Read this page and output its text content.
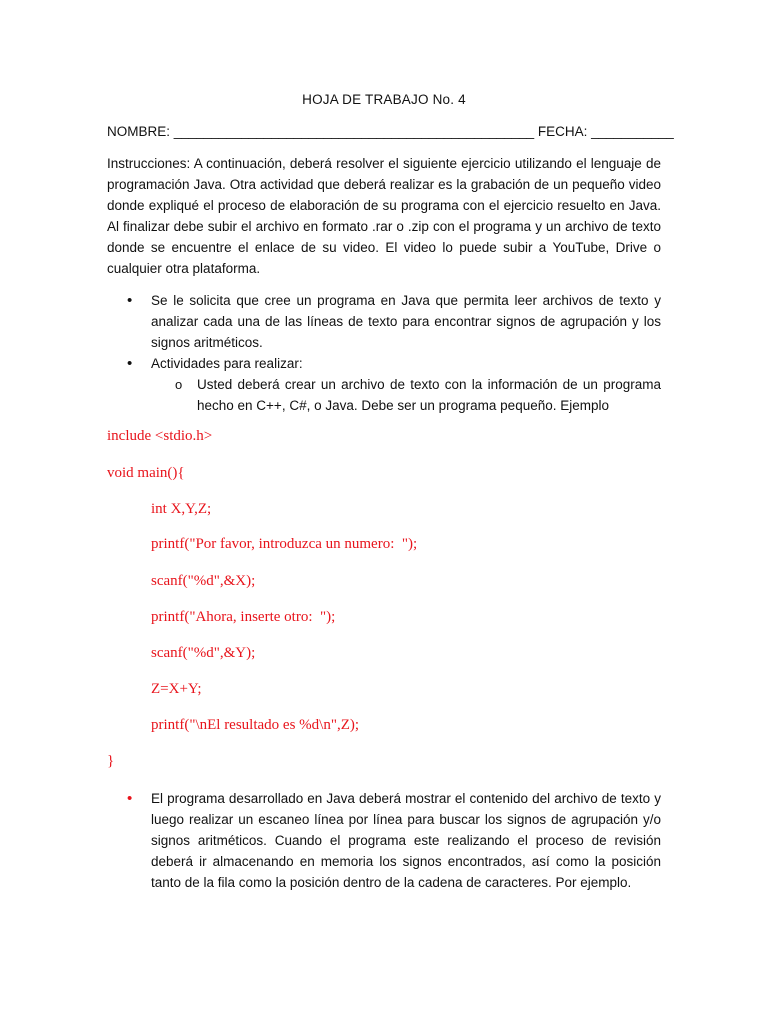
HOJA DE TRABAJO No. 4
NOMBRE: ________________________________________________ FECHA: ___________
Instrucciones: A continuación, deberá resolver el siguiente ejercicio utilizando el lenguaje de programación Java. Otra actividad que deberá realizar es la grabación de un pequeño video donde expliqué el proceso de elaboración de su programa con el ejercicio resuelto en Java. Al finalizar debe subir el archivo en formato .rar o .zip con el programa y un archivo de texto donde se encuentre el enlace de su video. El video lo puede subir a YouTube, Drive o cualquier otra plataforma.
• Se le solicita que cree un programa en Java que permita leer archivos de texto y analizar cada una de las líneas de texto para encontrar signos de agrupación y los signos aritméticos.
• Actividades para realizar:
o Usted deberá crear un archivo de texto con la información de un programa hecho en C++, C#, o Java. Debe ser un programa pequeño. Ejemplo
include <stdio.h>
void main(){
int X,Y,Z;
printf("Por favor, introduzca un numero:  ");
scanf("%d",&X);
printf("Ahora, inserte otro:  ");
scanf("%d",&Y);
Z=X+Y;
printf("\nEl resultado es %d\n",Z);
}
• El programa desarrollado en Java deberá mostrar el contenido del archivo de texto y luego realizar un escaneo línea por línea para buscar los signos de agrupación y/o signos aritméticos. Cuando el programa este realizando el proceso de revisión deberá ir almacenando en memoria los signos encontrados, así como la posición tanto de la fila como la posición dentro de la cadena de caracteres. Por ejemplo.
